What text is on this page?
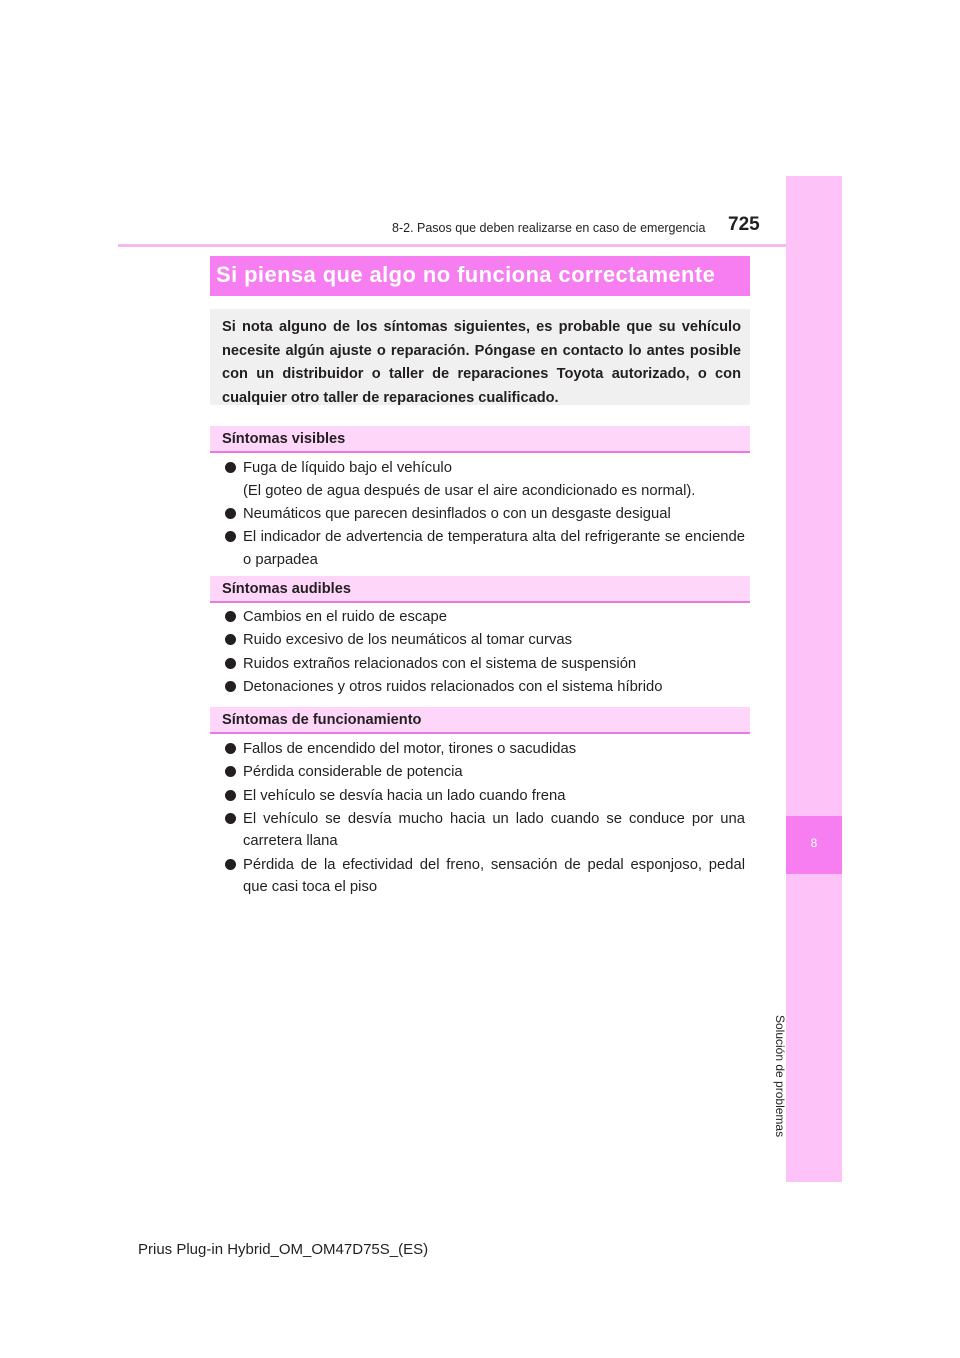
8-2. Pasos que deben realizarse en caso de emergencia 725
8
Solución de problemas
Si piensa que algo no funciona correctamente
Si nota alguno de los síntomas siguientes, es probable que su vehículo necesite algún ajuste o reparación. Póngase en contacto lo antes posible con un distribuidor o taller de reparaciones Toyota autorizado, o con cualquier otro taller de reparaciones cualificado.
Síntomas visibles
Fuga de líquido bajo el vehículo
(El goteo de agua después de usar el aire acondicionado es normal).
Neumáticos que parecen desinflados o con un desgaste desigual
El indicador de advertencia de temperatura alta del refrigerante se enciende o parpadea
Síntomas audibles
Cambios en el ruido de escape
Ruido excesivo de los neumáticos al tomar curvas
Ruidos extraños relacionados con el sistema de suspensión
Detonaciones y otros ruidos relacionados con el sistema híbrido
Síntomas de funcionamiento
Fallos de encendido del motor, tirones o sacudidas
Pérdida considerable de potencia
El vehículo se desvía hacia un lado cuando frena
El vehículo se desvía mucho hacia un lado cuando se conduce por una carretera llana
Pérdida de la efectividad del freno, sensación de pedal esponjoso, pedal que casi toca el piso
Prius Plug-in Hybrid_OM_OM47D75S_(ES)
